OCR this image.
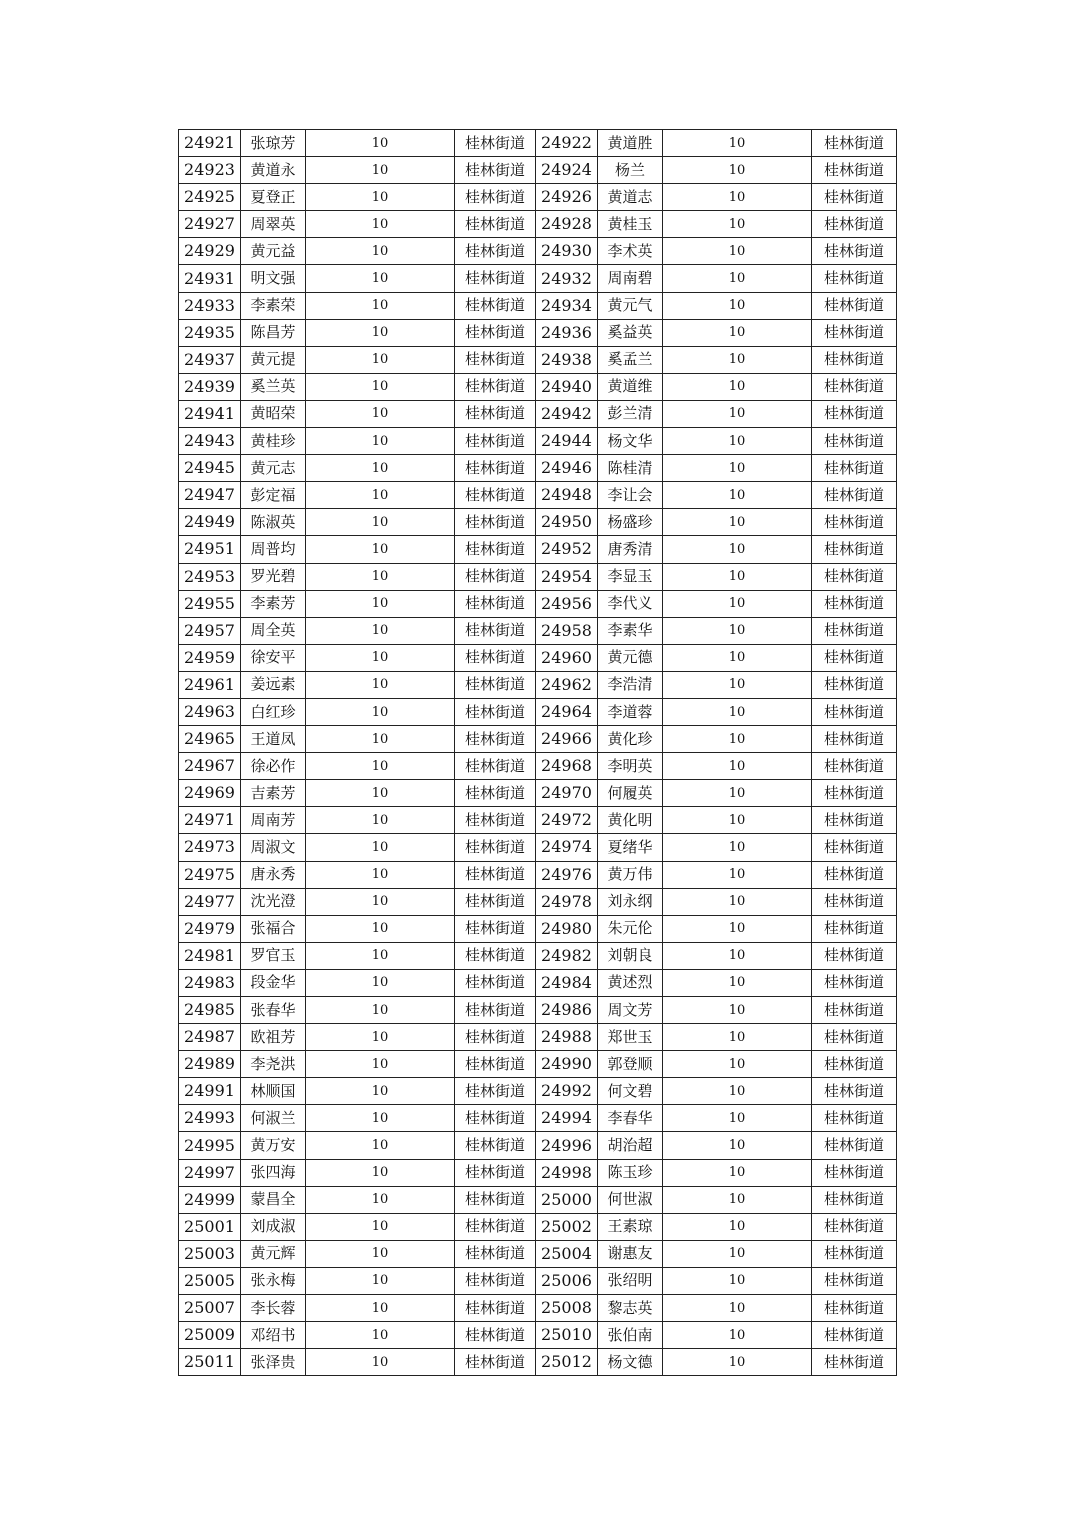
24921	张琼芳	10	桂林街道	24922	黄道胜	10	桂林街道
24923	黄道永	10	桂林街道	24924	杨兰	10	桂林街道
24925	夏登正	10	桂林街道	24926	黄道志	10	桂林街道
24927	周翠英	10	桂林街道	24928	黄桂玉	10	桂林街道
24929	黄元益	10	桂林街道	24930	李术英	10	桂林街道
24931	明文强	10	桂林街道	24932	周南碧	10	桂林街道
24933	李素荣	10	桂林街道	24934	黄元气	10	桂林街道
24935	陈昌芳	10	桂林街道	24936	奚益英	10	桂林街道
24937	黄元提	10	桂林街道	24938	奚孟兰	10	桂林街道
24939	奚兰英	10	桂林街道	24940	黄道维	10	桂林街道
24941	黄昭荣	10	桂林街道	24942	彭兰清	10	桂林街道
24943	黄桂珍	10	桂林街道	24944	杨文华	10	桂林街道
24945	黄元志	10	桂林街道	24946	陈桂清	10	桂林街道
24947	彭定福	10	桂林街道	24948	李让会	10	桂林街道
24949	陈淑英	10	桂林街道	24950	杨盛珍	10	桂林街道
24951	周普均	10	桂林街道	24952	唐秀清	10	桂林街道
24953	罗光碧	10	桂林街道	24954	李显玉	10	桂林街道
24955	李素芳	10	桂林街道	24956	李代义	10	桂林街道
24957	周全英	10	桂林街道	24958	李素华	10	桂林街道
24959	徐安平	10	桂林街道	24960	黄元德	10	桂林街道
24961	姜远素	10	桂林街道	24962	李浩清	10	桂林街道
24963	白红珍	10	桂林街道	24964	李道蓉	10	桂林街道
24965	王道凤	10	桂林街道	24966	黄化珍	10	桂林街道
24967	徐必作	10	桂林街道	24968	李明英	10	桂林街道
24969	吉素芳	10	桂林街道	24970	何履英	10	桂林街道
24971	周南芳	10	桂林街道	24972	黄化明	10	桂林街道
24973	周淑文	10	桂林街道	24974	夏绪华	10	桂林街道
24975	唐永秀	10	桂林街道	24976	黄万伟	10	桂林街道
24977	沈光澄	10	桂林街道	24978	刘永纲	10	桂林街道
24979	张福合	10	桂林街道	24980	朱元伦	10	桂林街道
24981	罗官玉	10	桂林街道	24982	刘朝良	10	桂林街道
24983	段金华	10	桂林街道	24984	黄述烈	10	桂林街道
24985	张春华	10	桂林街道	24986	周文芳	10	桂林街道
24987	欧祖芳	10	桂林街道	24988	郑世玉	10	桂林街道
24989	李尧洪	10	桂林街道	24990	郭登顺	10	桂林街道
24991	林顺国	10	桂林街道	24992	何文碧	10	桂林街道
24993	何淑兰	10	桂林街道	24994	李春华	10	桂林街道
24995	黄万安	10	桂林街道	24996	胡治超	10	桂林街道
24997	张四海	10	桂林街道	24998	陈玉珍	10	桂林街道
24999	蒙昌全	10	桂林街道	25000	何世淑	10	桂林街道
25001	刘成淑	10	桂林街道	25002	王素琼	10	桂林街道
25003	黄元辉	10	桂林街道	25004	谢惠友	10	桂林街道
25005	张永梅	10	桂林街道	25006	张绍明	10	桂林街道
25007	李长蓉	10	桂林街道	25008	黎志英	10	桂林街道
25009	邓绍书	10	桂林街道	25010	张伯南	10	桂林街道
25011	张泽贵	10	桂林街道	25012	杨文德	10	桂林街道
